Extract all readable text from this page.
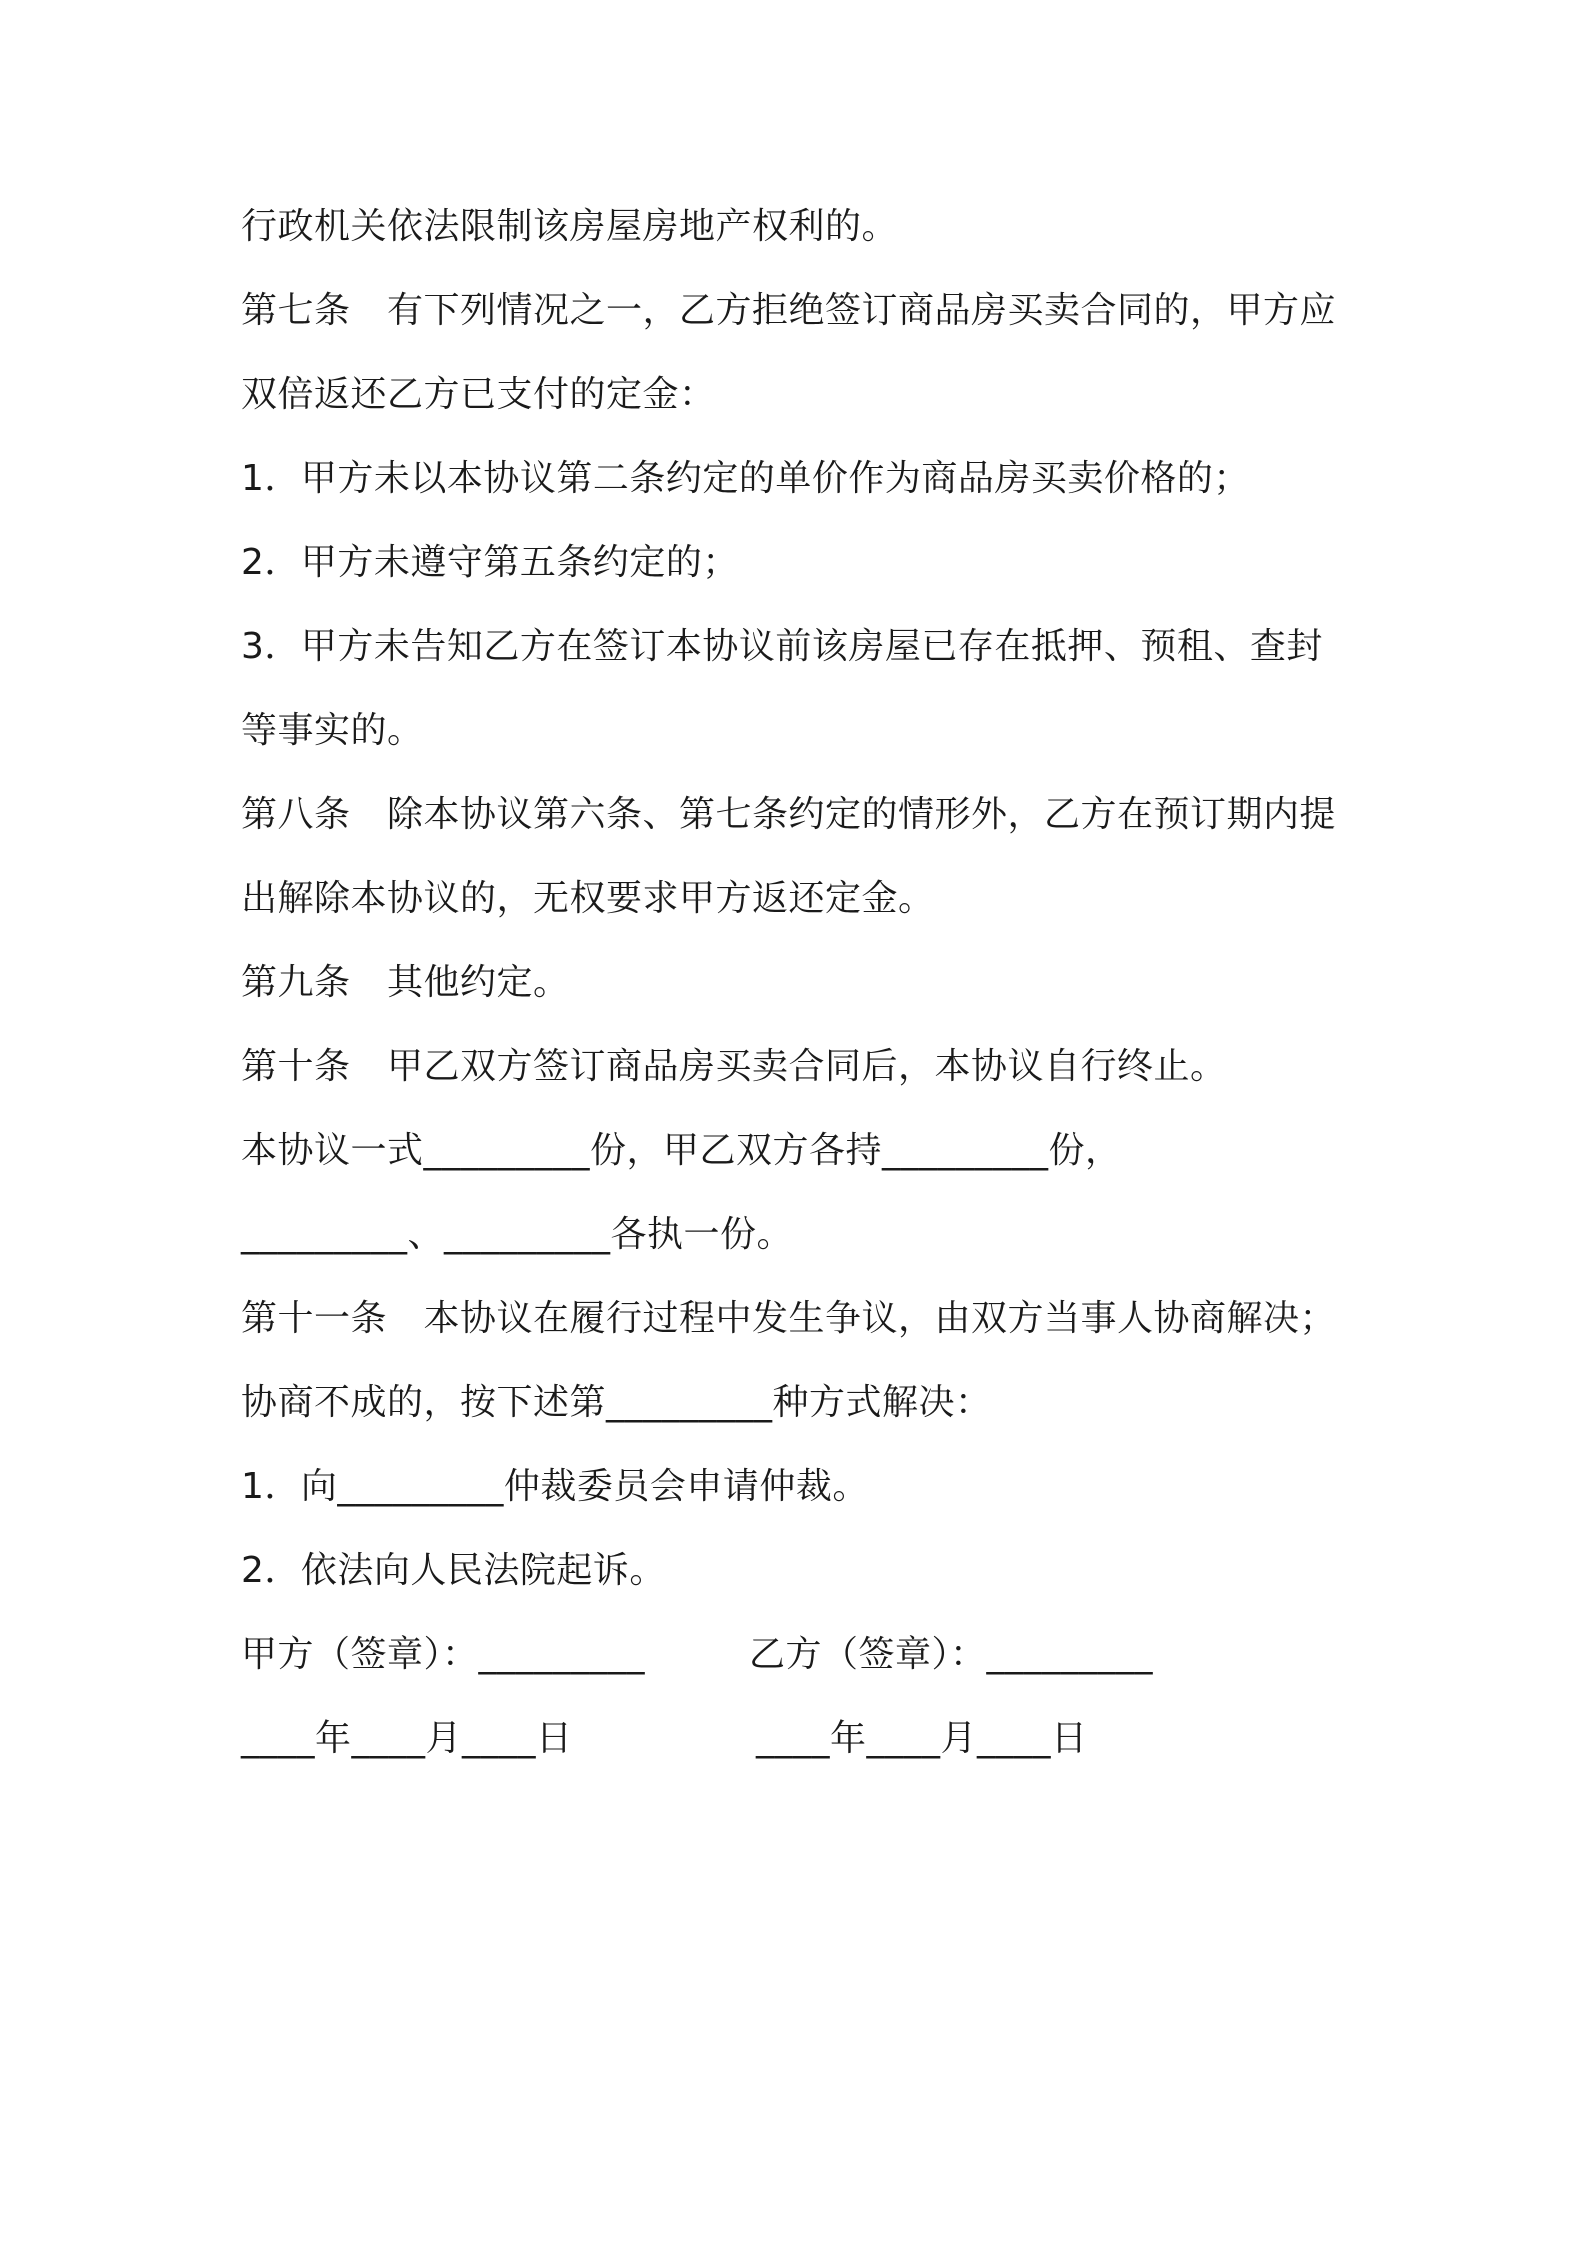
行政机关依法限制该房屋房地产权利的。
第七条　有下列情况之一，乙方拒绝签订商品房买卖合同的，甲方应
双倍返还乙方已支付的定金：
1．甲方未以本协议第二条约定的单价作为商品房买卖价格的；
2．甲方未遵守第五条约定的；
3．甲方未告知乙方在签订本协议前该房屋已存在抵押、预租、查封
等事实的。
第八条　除本协议第六条、第七条约定的情形外，乙方在预订期内提
出解除本协议的，无权要求甲方返还定金。
第九条　其他约定。
第十条　甲乙双方签订商品房买卖合同后，本协议自行终止。
本协议一式_________份，甲乙双方各持_________份，
_________、_________各执一份。
第十一条　本协议在履行过程中发生争议，由双方当事人协商解决；
协商不成的，按下述第_________种方式解决：
1．向_________仲裁委员会申请仲裁。
2．依法向人民法院起诉。
甲方（签章）：_________	乙方（签章）：_________
____年____月____日	____年____月____日
